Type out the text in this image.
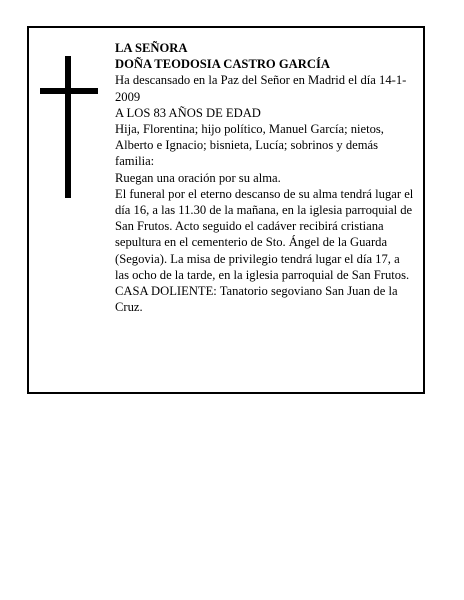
LA SEÑORA

DOÑA TEODOSIA CASTRO GARCÍA

Ha descansado en la Paz del Señor en Madrid el día 14-1-2009

A LOS 83 AÑOS DE EDAD

Hija, Florentina; hijo político, Manuel García; nietos, Alberto e Ignacio; bisnieta, Lucía; sobrinos y demás familia:

Ruegan una oración por su alma.

El funeral por el eterno descanso de su alma tendrá lugar el día 16, a las 11.30 de la mañana, en la iglesia parroquial de San Frutos. Acto seguido el cadáver recibirá cristiana sepultura en el cementerio de Sto. Ángel de la Guarda (Segovia). La misa de privilegio tendrá lugar el día 17, a las ocho de la tarde, en la iglesia parroquial de San Frutos.

CASA DOLIENTE: Tanatorio segoviano San Juan de la Cruz.
